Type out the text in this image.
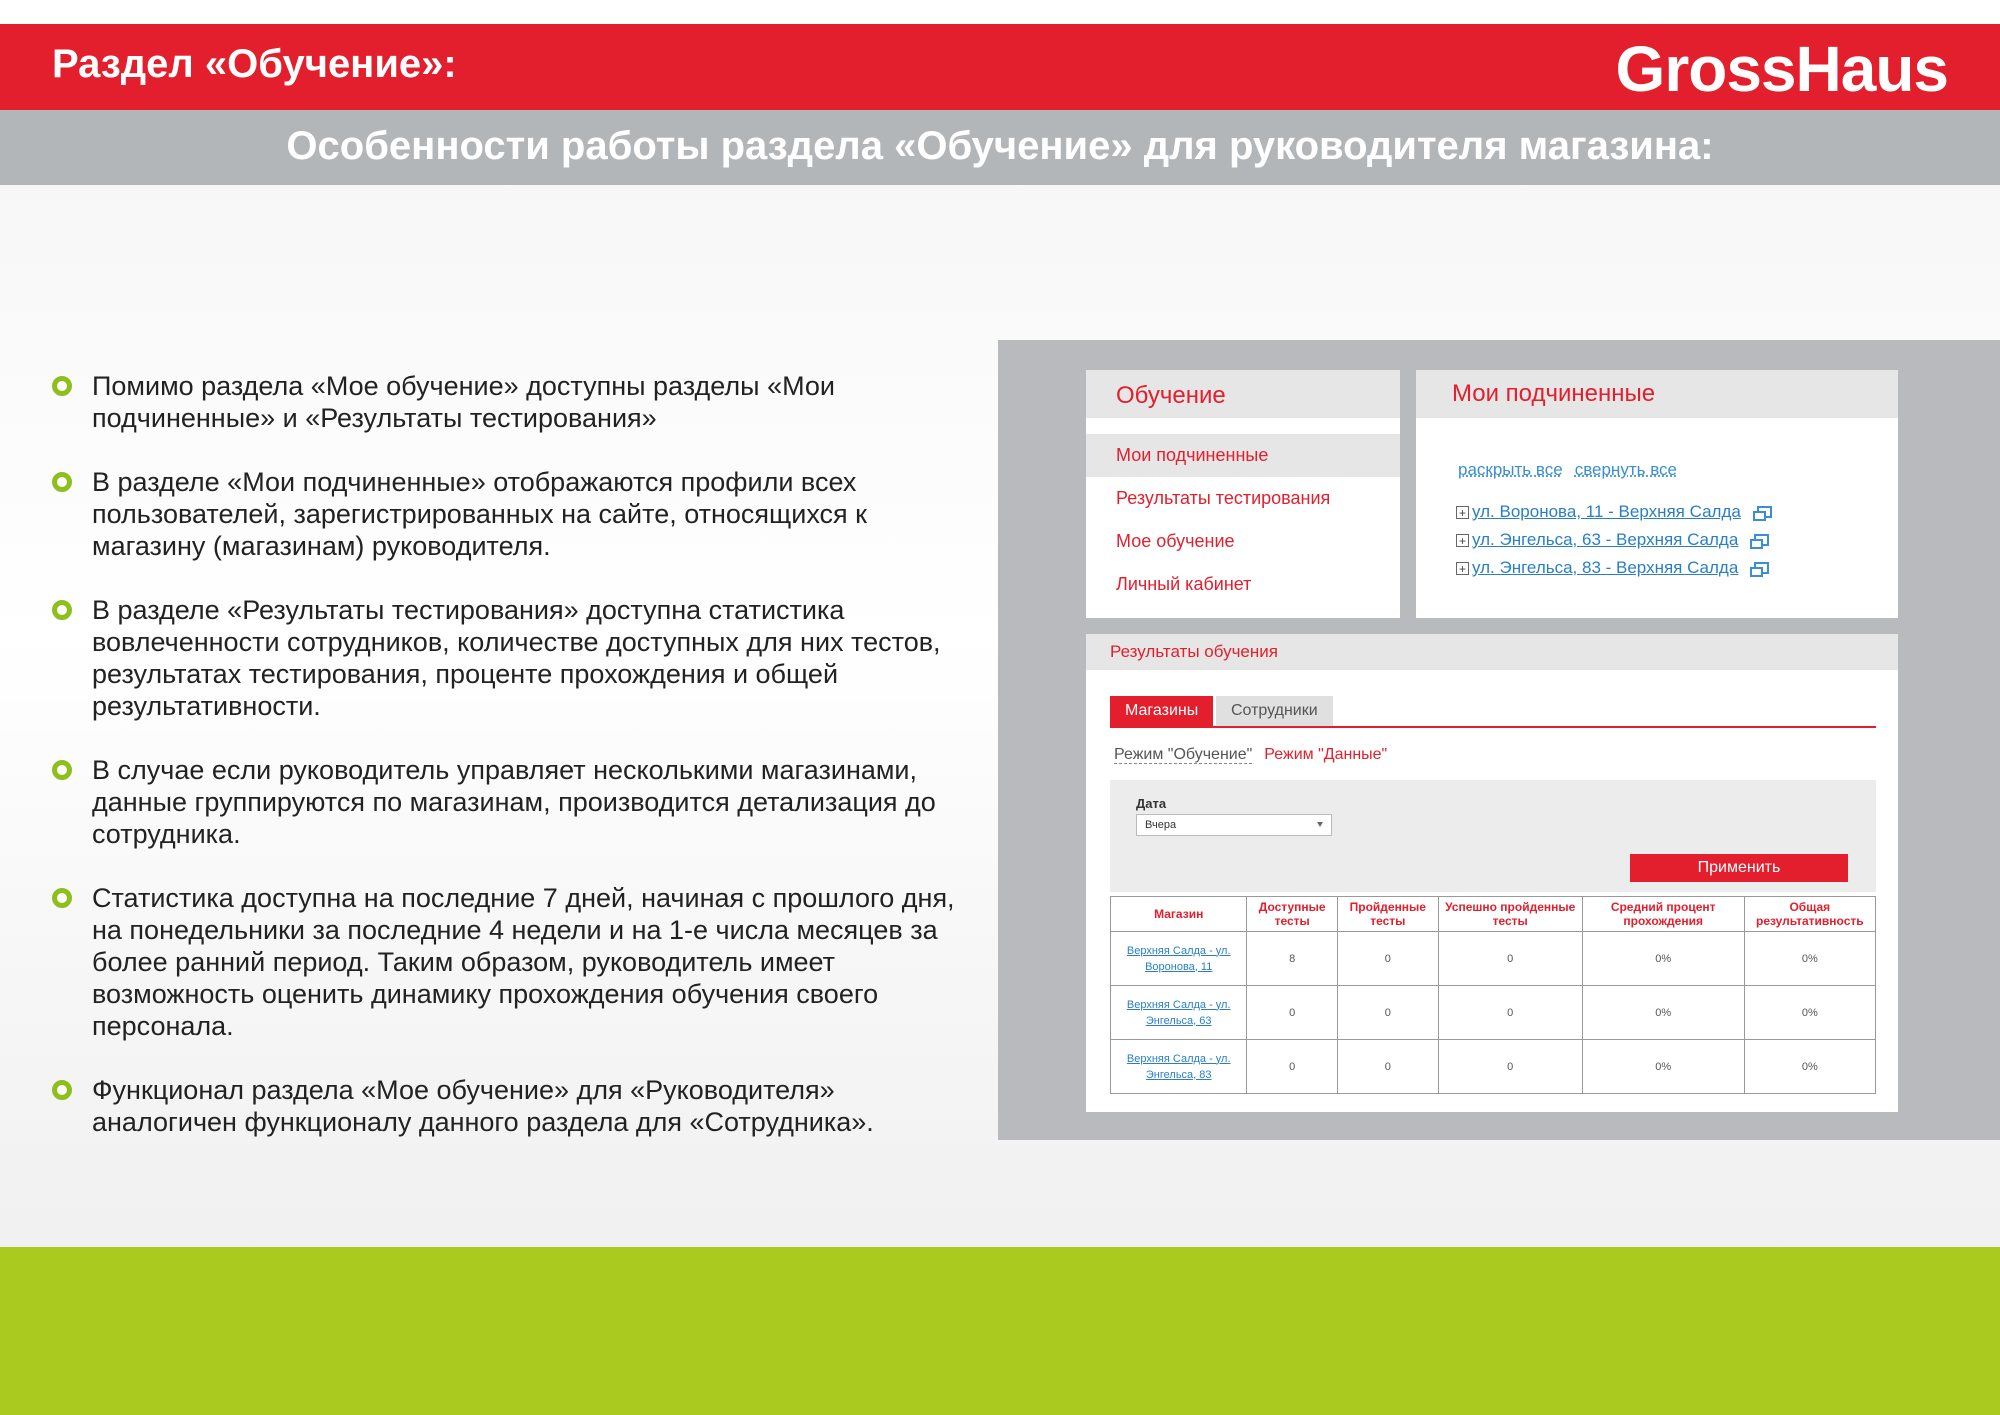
Раздел «Обучение»:	GrossHaus
Особенности работы раздела «Обучение» для руководителя магазина:
Помимо раздела «Мое обучение» доступны разделы «Мои подчиненные» и «Результаты тестирования»
В разделе «Мои подчиненные» отображаются профили всех пользователей, зарегистрированных на сайте, относящихся к магазину (магазинам) руководителя.
В разделе «Результаты тестирования» доступна статистика вовлеченности сотрудников, количестве доступных для них тестов, результатах тестирования, проценте прохождения и общей результативности.
В случае если руководитель управляет несколькими магазинами, данные группируются по магазинам, производится детализация до сотрудника.
Статистика доступна на последние 7 дней, начиная с прошлого дня, на понедельники за последние 4 недели и на 1-е числа месяцев за более ранний период. Таким образом, руководитель имеет возможность оценить динамику прохождения обучения своего персонала.
Функционал раздела «Мое обучение» для «Руководителя» аналогичен функционалу данного раздела для «Сотрудника».
Обучение
Мои подчиненные
Результаты тестирования
Мое обучение
Личный кабинет
Мои подчиненные
раскрыть все свернуть все
+ ул. Воронова, 11 - Верхняя Салда
+ ул. Энгельса, 63 - Верхняя Салда
+ ул. Энгельса, 83 - Верхняя Салда
Результаты обучения
Магазины	Сотрудники
Режим "Обучение" Режим "Данные"
Дата
Вчера
Применить
Магазин	Доступные тесты	Пройденные тесты	Успешно пройденные тесты	Средний процент прохождения	Общая результативность
Верхняя Салда - ул. Воронова, 11	8	0	0	0%	0%
Верхняя Салда - ул. Энгельса, 63	0	0	0	0%	0%
Верхняя Салда - ул. Энгельса, 83	0	0	0	0%	0%
